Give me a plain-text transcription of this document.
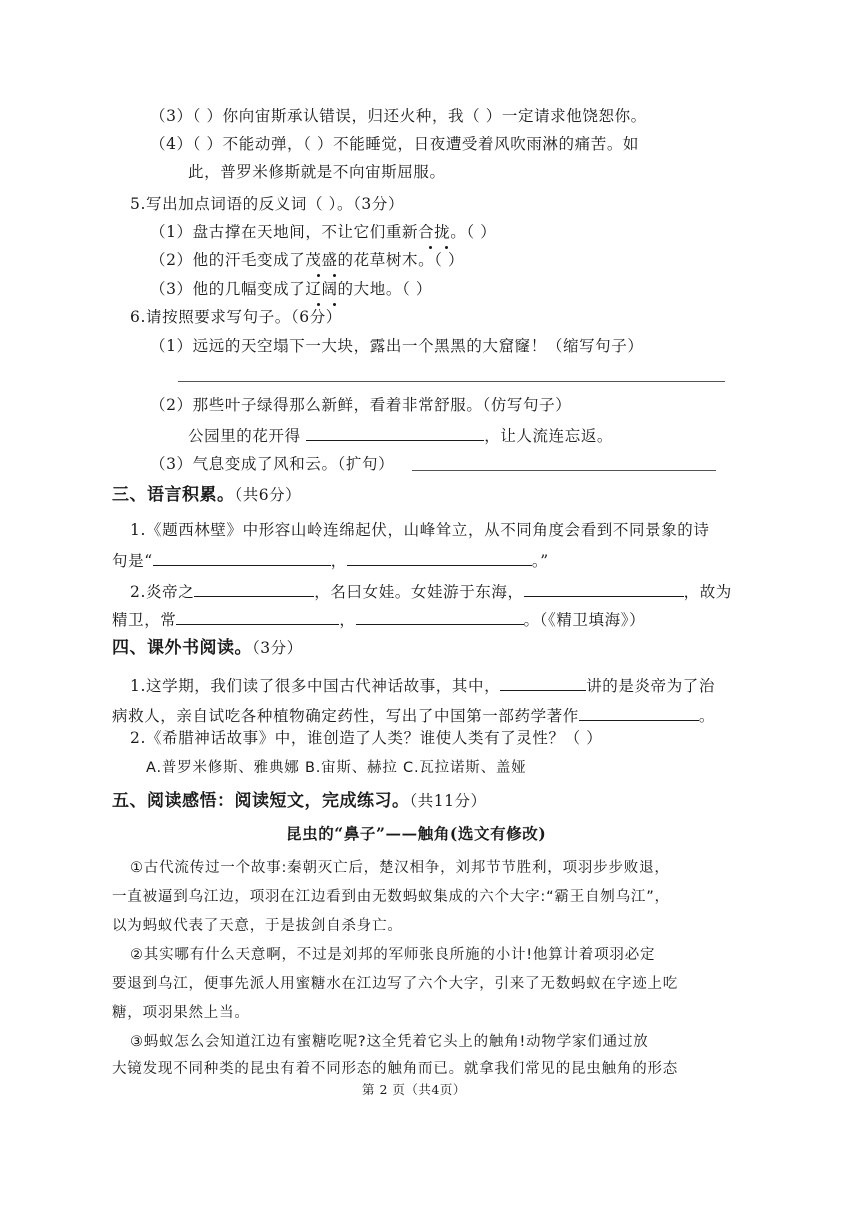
（3）（ ）你向宙斯承认错误，归还火种，我（ ）一定请求他饶恕你。
（4）（ ）不能动弹，（ ）不能睡觉，日夜遭受着风吹雨淋的痛苦。如
此，普罗米修斯就是不向宙斯屈服。
5.写出加点词语的反义词（ ）。（3分）
（1）盘古撑在天地间，不让它们重新合拢。（ ）
（2）他的汗毛变成了茂盛的花草树木。（ ）
（3）他的几幅变成了辽阔的大地。（ ）
6.请按照要求写句子。（6分）
（1）远远的天空塌下一大块，露出一个黑黑的大窟窿！（缩写句子）
（2）那些叶子绿得那么新鲜，看着非常舒服。（仿写句子）
公园里的花开得	，让人流连忘返。
（3）气息变成了风和云。（扩句）
三、语言积累。（共6分）
1.《题西林壁》中形容山岭连绵起伏，山峰耸立，从不同角度会看到不同景象的诗
句是“	，	。”
2.炎帝之	，名曰女娃。女娃游于东海，	，故为
精卫，常	，	。（《精卫填海》）
四、课外书阅读。（3分）
1.这学期，我们读了很多中国古代神话故事，其中，	讲的是炎帝为了治
病救人，亲自试吃各种植物确定药性，写出了中国第一部药学著作	。
2.《希腊神话故事》中，谁创造了人类？谁使人类有了灵性？（ ）
A.普罗米修斯、雅典娜 B.宙斯、赫拉 C.瓦拉诺斯、盖娅
五、阅读感悟：阅读短文，完成练习。（共11分）
昆虫的“鼻子”——触角(选文有修改)
①古代流传过一个故事:秦朝灭亡后，楚汉相争，刘邦节节胜利，项羽步步败退，
一直被逼到乌江边，项羽在江边看到由无数蚂蚁集成的六个大字:“霸王自刎乌江”，
以为蚂蚁代表了天意，于是拔剑自杀身亡。
②其实哪有什么天意啊，不过是刘邦的军师张良所施的小计!他算计着项羽必定
要退到乌江，便事先派人用蜜糖水在江边写了六个大字，引来了无数蚂蚁在字迹上吃
糖，项羽果然上当。
③蚂蚁怎么会知道江边有蜜糖吃呢?这全凭着它头上的触角!动物学家们通过放
大镜发现不同种类的昆虫有着不同形态的触角而已。就拿我们常见的昆虫触角的形态
第 2 页（共4页）
